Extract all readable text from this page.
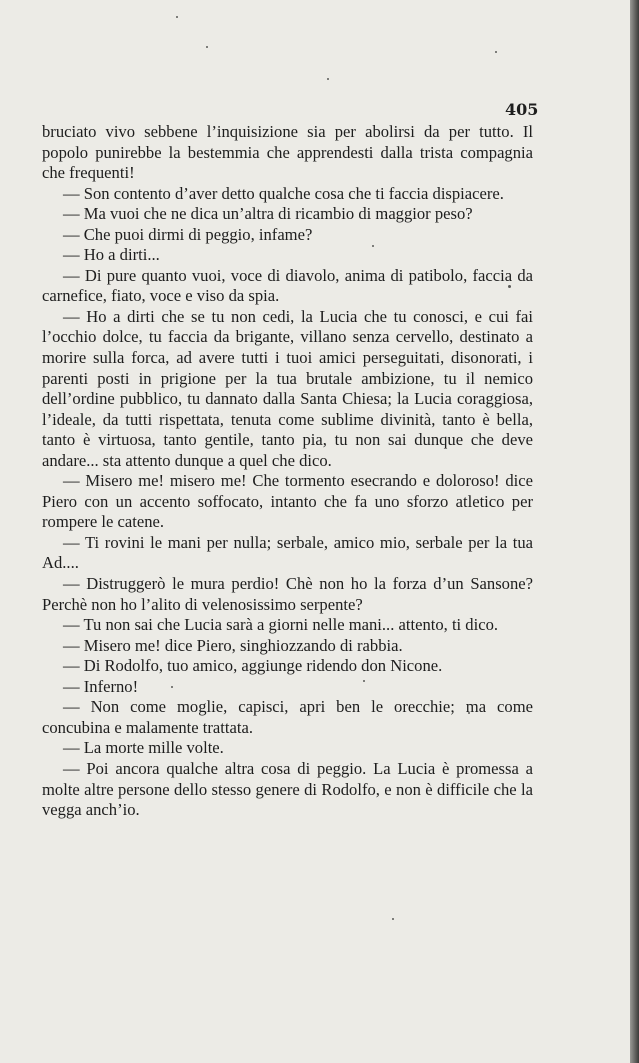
405

bruciato vivo sebbene l’inquisizione sia per abolirsi da per tutto. Il popolo punirebbe la bestemmia che apprendesti dalla trista compagnia che frequenti!

— Son contento d’aver detto qualche cosa che ti faccia dispiacere.

— Ma vuoi che ne dica un’altra di ricambio di maggior peso?

— Che puoi dirmi di peggio, infame?

— Ho a dirti...

— Di pure quanto vuoi, voce di diavolo, anima di patibolo, faccia da carnefice, fiato, voce e viso da spia.

— Ho a dirti che se tu non cedi, la Lucia che tu conosci, e cui fai l’occhio dolce, tu faccia da brigante, villano senza cervello, destinato a morire sulla forca, ad avere tutti i tuoi amici perseguitati, disonorati, i parenti posti in prigione per la tua brutale ambizione, tu il nemico dell’ordine pubblico, tu dannato dalla Santa Chiesa; la Lucia coraggiosa, l’ideale, da tutti rispettata, tenuta come sublime divinità, tanto è bella, tanto è virtuosa, tanto gentile, tanto pia, tu non sai dunque che deve andare... sta attento dunque a quel che dico.

— Misero me! misero me! Che tormento esecrando e doloroso! dice Piero con un accento soffocato, intanto che fa uno sforzo atletico per rompere le catene.

— Ti rovini le mani per nulla; serbale, amico mio, serbale per la tua Ad....

— Distruggerò le mura perdio! Chè non ho la forza d’un Sansone? Perchè non ho l’alito di velenosissimo serpente?

— Tu non sai che Lucia sarà a giorni nelle mani... attento, ti dico.

— Misero me! dice Piero, singhiozzando di rabbia.

— Di Rodolfo, tuo amico, aggiunge ridendo don Nicone.

— Inferno!

— Non come moglie, capisci, apri ben le orecchie; ma come concubina e malamente trattata.

— La morte mille volte.

— Poi ancora qualche altra cosa di peggio. La Lucia è promessa a molte altre persone dello stesso genere di Rodolfo, e non è difficile che la vegga anch’io.
